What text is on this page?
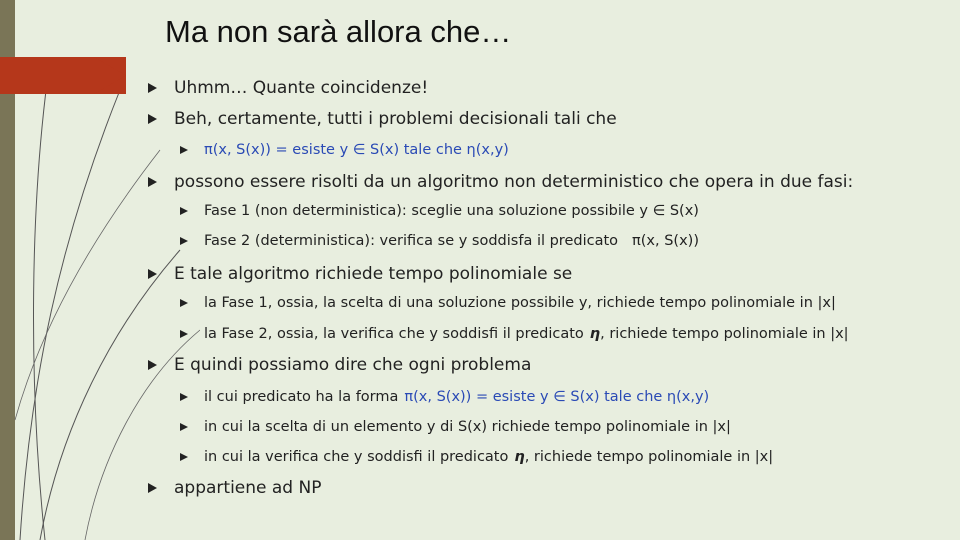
Ma non sarà allora che…
Uhmm… Quante coincidenze!
Beh, certamente, tutti i problemi decisionali tali che
π(x, S(x)) = esiste y ∈ S(x) tale che η(x,y)
possono essere risolti da un algoritmo non deterministico che opera in due fasi:
Fase 1 (non deterministica): sceglie una soluzione possibile y ∈ S(x)
Fase 2 (deterministica): verifica se y soddisfa il predicato π(x, S(x))
E tale algoritmo richiede tempo polinomiale se
la Fase 1, ossia, la scelta di una soluzione possibile y, richiede tempo polinomiale in |x|
la Fase 2, ossia, la verifica che y soddisfi il predicato η , richiede tempo polinomiale in |x|
E quindi possiamo dire che ogni problema
il cui predicato ha la forma π(x, S(x)) = esiste y ∈ S(x) tale che η(x,y)
in cui la scelta di un elemento y di S(x) richiede tempo polinomiale in |x|
in cui la verifica che y soddisfi il predicato η , richiede tempo polinomiale in |x|
appartiene ad NP
